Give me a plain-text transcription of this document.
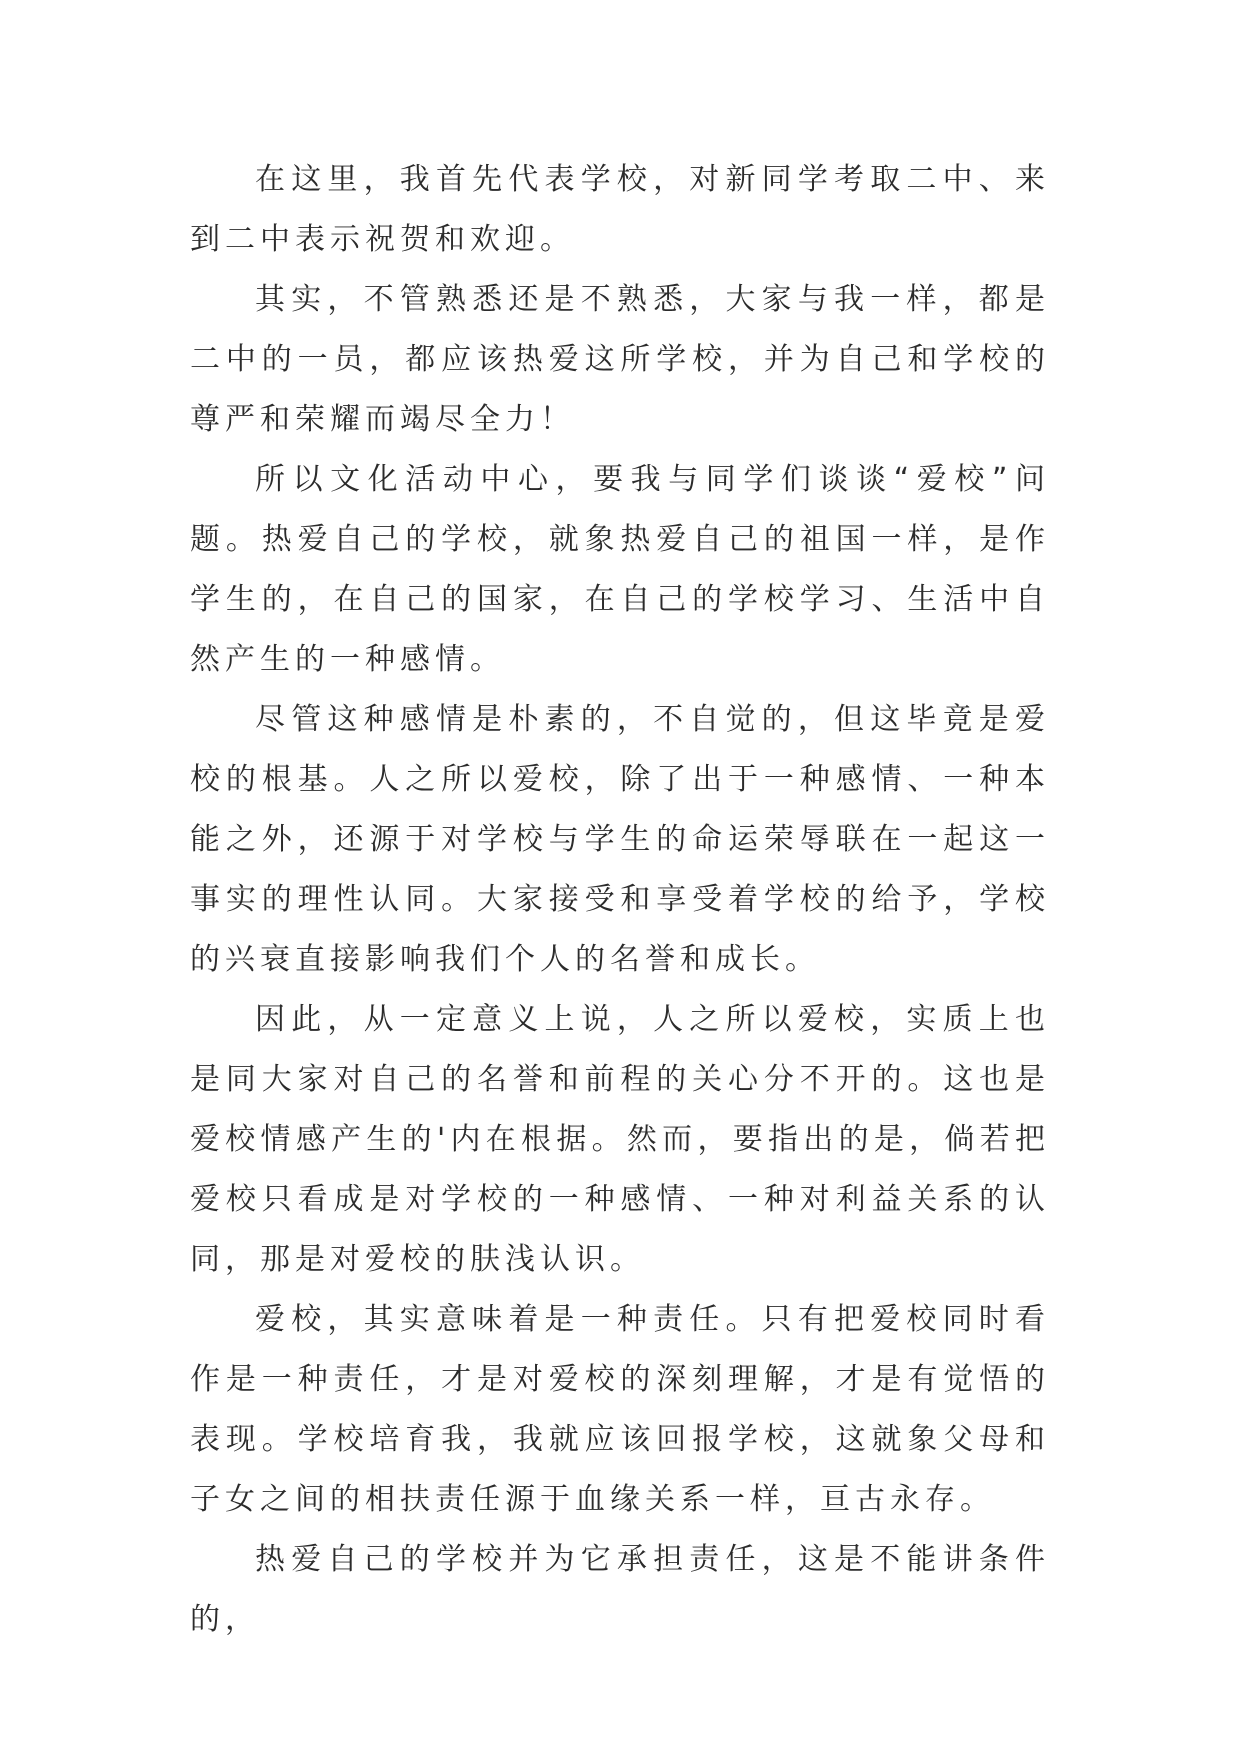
在这里，我首先代表学校，对新同学考取二中、来到二中表示祝贺和欢迎。

其实，不管熟悉还是不熟悉，大家与我一样，都是二中的一员，都应该热爱这所学校，并为自己和学校的尊严和荣耀而竭尽全力！

所以文化活动中心，要我与同学们谈谈“爱校”问题。热爱自己的学校，就象热爱自己的祖国一样，是作学生的，在自己的国家，在自己的学校学习、生活中自然产生的一种感情。

尽管这种感情是朴素的，不自觉的，但这毕竟是爱校的根基。人之所以爱校，除了出于一种感情、一种本能之外，还源于对学校与学生的命运荣辱联在一起这一事实的理性认同。大家接受和享受着学校的给予，学校的兴衰直接影响我们个人的名誉和成长。

因此，从一定意义上说，人之所以爱校，实质上也是同大家对自己的名誉和前程的关心分不开的。这也是爱校情感产生的'内在根据。然而，要指出的是，倘若把爱校只看成是对学校的一种感情、一种对利益关系的认同，那是对爱校的肤浅认识。

爱校，其实意味着是一种责任。只有把爱校同时看作是一种责任，才是对爱校的深刻理解，才是有觉悟的表现。学校培育我，我就应该回报学校，这就象父母和子女之间的相扶责任源于血缘关系一样，亘古永存。

热爱自己的学校并为它承担责任，这是不能讲条件的，
